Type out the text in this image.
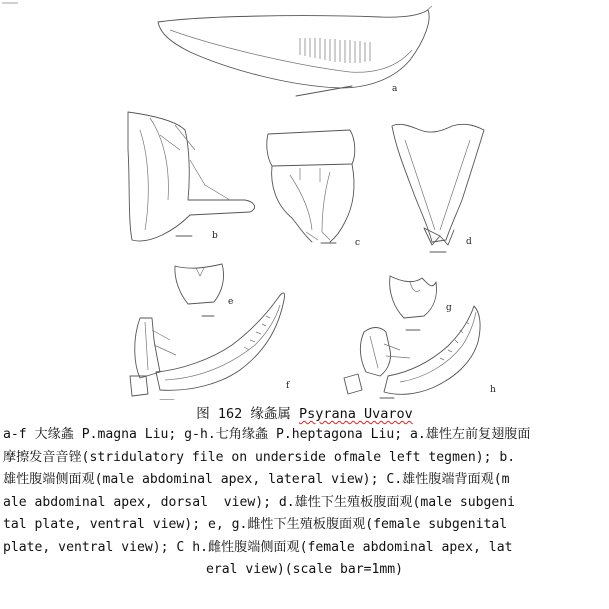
a
b
c	d
e
g
f	h
图 162 缘螽属 Psyrana Uvarov
a-f 大缘螽 P.magna Liu; g-h.七角缘螽 P.heptagona Liu; a.雄性左前复翅腹面
摩擦发音音锉(stridulatory file on underside ofmale left tegmen); b.
雄性腹端侧面观(male abdominal apex, lateral view); C.雄性腹端背面观(m
ale abdominal apex, dorsal  view); d.雄性下生殖板腹面观(male subgeni
tal plate, ventral view); e, g.雌性下生殖板腹面观(female subgenital
plate, ventral view); C h.雌性腹端侧面观(female abdominal apex, lat
eral view)(scale bar=1mm)
